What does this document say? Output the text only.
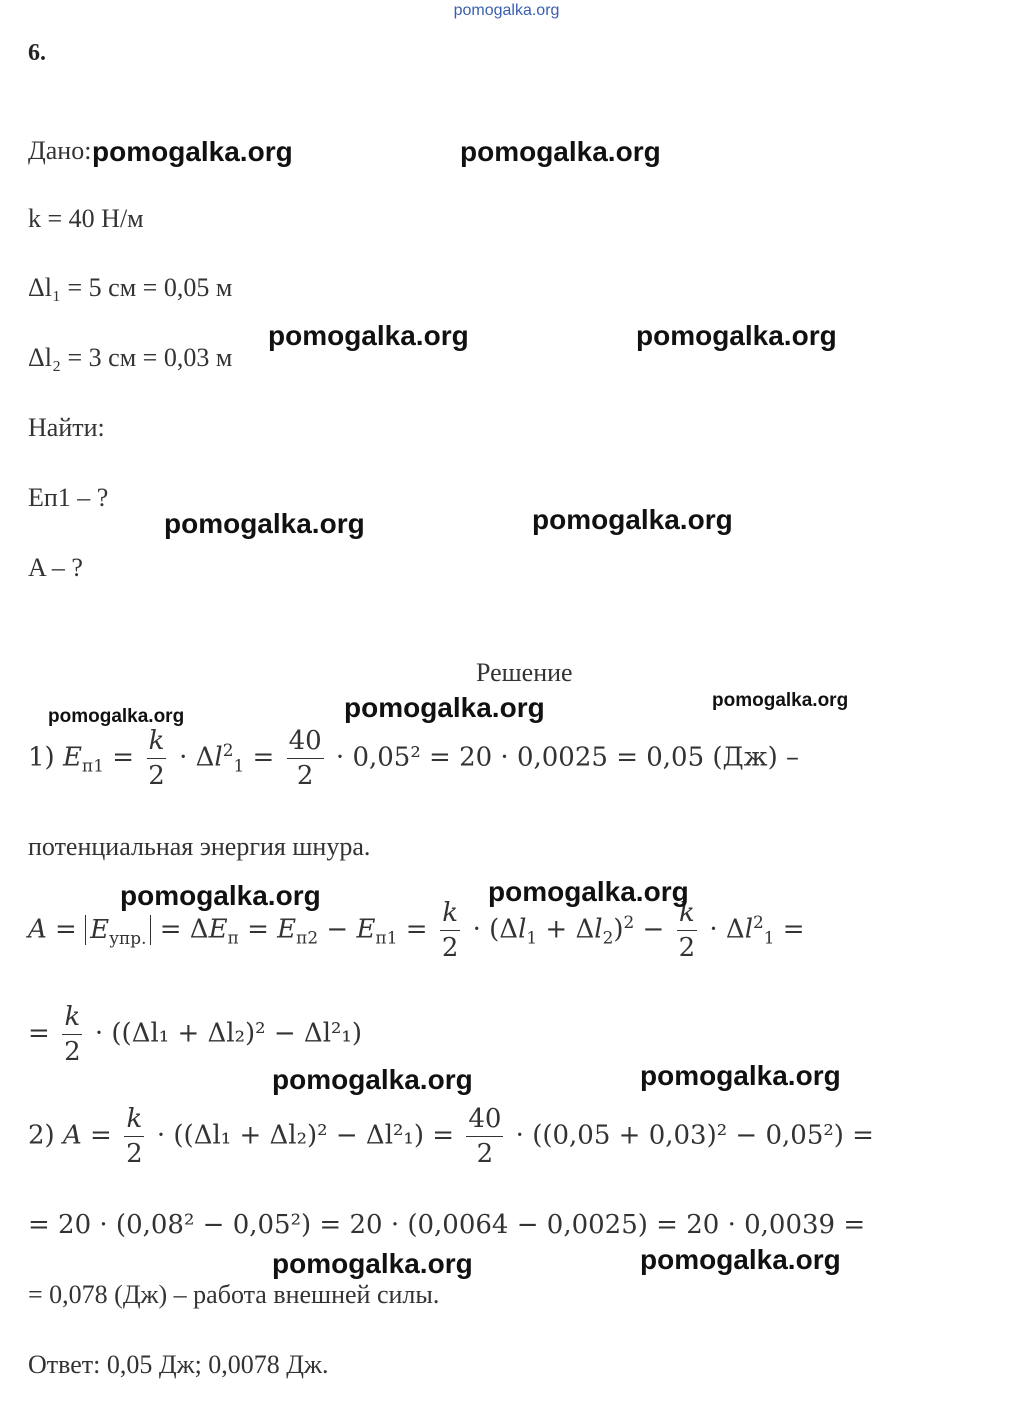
pomogalka.org
6.
Дано:
k = 40 Н/м
Δl₁ = 5 см = 0,05 м
Δl₂ = 3 см = 0,03 м
Найти:
Eп1 – ?
A – ?
Решение
1) $E_{п1} = \frac{k}{2} \cdot \Delta l^2_1 = \frac{40}{2} \cdot 0,05^2 = 20 \cdot 0,0025 = 0,05$ (Дж) –
потенциальная энергия шнура.
$A = E_{упр.} = \Delta E_п = E_{п2} - E_{п1} = \frac{k}{2} \cdot (\Delta l_1 + \Delta l_2)^2 - \frac{k}{2} \cdot \Delta l^2_1$ =
= $\frac{k}{2} \cdot ((\Delta l_1 + \Delta l_2)^2 - \Delta l^2_1)$
2) $A = \frac{k}{2} \cdot ((\Delta l_1 + \Delta l_2)^2 - \Delta l^2_1) = \frac{40}{2} \cdot ((0,05 + 0,03)^2 - 0,05^2)$ =
= 20 · (0,08² − 0,05²) = 20 · (0,0064 − 0,0025) = 20 · 0,0039 =
= 0,078 (Дж) – работа внешней силы.
Ответ: 0,05 Дж; 0,0078 Дж.
pomogalka.org	pomogalka.org
pomogalka.org	pomogalka.org
pomogalka.org	pomogalka.org
pomogalka.org	pomogalka.org	pomogalka.org
pomogalka.org	pomogalka.org
pomogalka.org	pomogalka.org
pomogalka.org	pomogalka.org
